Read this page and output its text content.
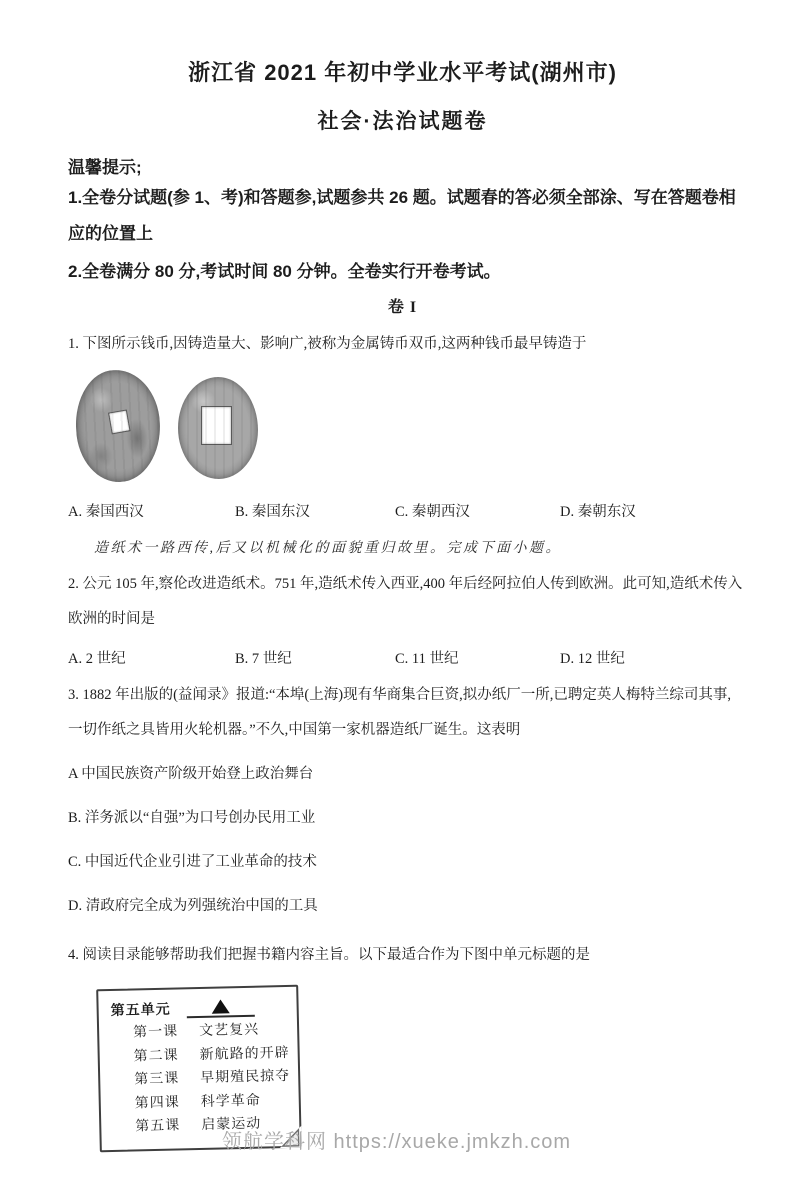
浙江省 2021 年初中学业水平考试(湖州市)
社会·法治试题卷

温馨提示;

1.全卷分试题(参 1、考)和答题参,试题参共 26 题。试题春的答必须全部涂、写在答题卷相应的位置上

2.全卷满分 80 分,考试时间 80 分钟。全卷实行开卷考试。

卷 I

1. 下图所示钱币,因铸造量大、影响广,被称为金属铸币双币,这两种钱币最早铸造于

A. 秦国西汉	B. 秦国东汉	C. 秦朝西汉	D. 秦朝东汉

造纸术一路西传,后又以机械化的面貌重归故里。完成下面小题。

2. 公元 105 年,察伦改进造纸术。751 年,造纸术传入西亚,400 年后经阿拉伯人传到欧洲。此可知,造纸术传入欧洲的时间是

A. 2 世纪	B. 7 世纪	C. 11 世纪	D. 12 世纪

3. 1882 年出版的(益闻录》报道:“本埠(上海)现有华商集合巨资,拟办纸厂一所,已聘定英人梅特兰综司其事,一切作纸之具皆用火轮机器。”不久,中国第一家机器造纸厂诞生。这表明

A 中国民族资产阶级开始登上政治舞台

B. 洋务派以“自强”为口号创办民用工业

C. 中国近代企业引进了工业革命的技术

D. 清政府完全成为列强统治中国的工具

4. 阅读目录能够帮助我们把握书籍内容主旨。以下最适合作为下图中单元标题的是

第五单元
第一课	文艺复兴
第二课	新航路的开辟
第三课	早期殖民掠夺
第四课	科学革命
第五课	启蒙运动
领航学科网 https://xueke.jmkzh.com
